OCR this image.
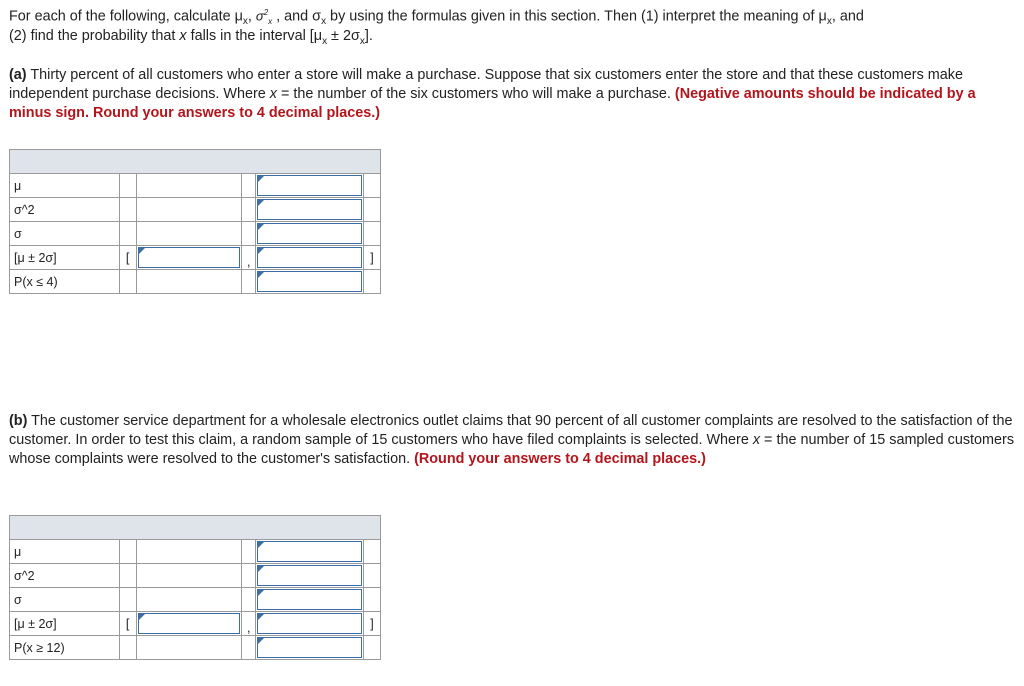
For each of the following, calculate $\mu_x$, $\sigma^2_x$ , and $\sigma_x$ by using the formulas given in this section. Then (1) interpret the meaning of $\mu_x$, and
(2) find the probability that x falls in the interval $[\mu_x \pm 2\sigma_x]$.
(a) Thirty percent of all customers who enter a store will make a purchase. Suppose that six customers enter the store and that these customers make independent purchase decisions. Where x = the number of the six customers who will make a purchase. (Negative amounts should be indicated by a minus sign. Round your answers to 4 decimal places.)

μ				

σ^2				

σ				

[μ ± 2σ]	[		,		]
P(x ≤ 4)				

(b) The customer service department for a wholesale electronics outlet claims that 90 percent of all customer complaints are resolved to the satisfaction of the customer. In order to test this claim, a random sample of 15 customers who have filed complaints is selected. Where x = the number of 15 sampled customers whose complaints were resolved to the customer's satisfaction. (Round your answers to 4 decimal places.)

μ				

σ^2				

σ				

[μ ± 2σ]	[		,		]
P(x ≥ 12)				
